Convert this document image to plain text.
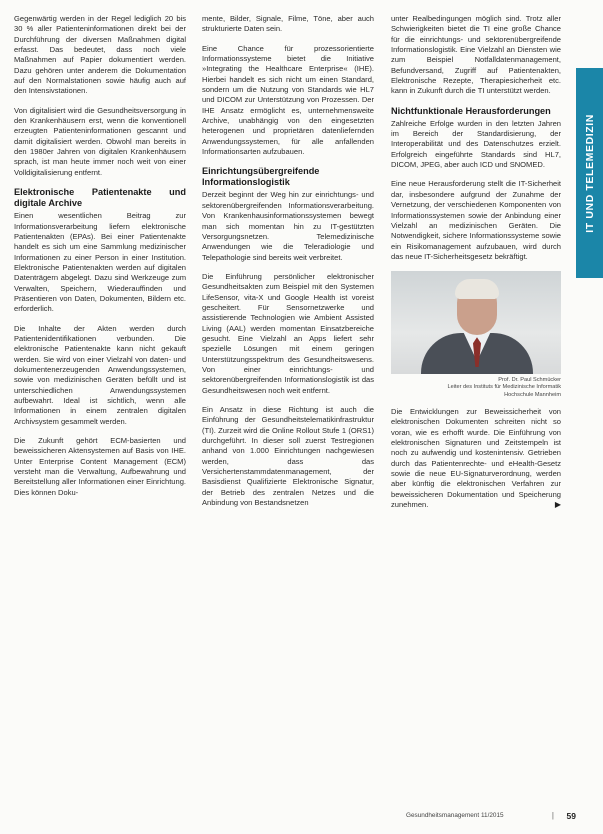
Gegenwärtig werden in der Regel lediglich 20 bis 30 % aller Patienteninformationen direkt bei der Durchführung der diversen Maßnahmen digital erfasst. Das bedeutet, dass noch viele Maßnahmen auf Papier dokumentiert werden. Dazu gehören unter anderem die Dokumentation auf den Normalstationen sowie häufig auch auf den Intensivstationen.

Von digitalisiert wird die Gesundheitsversorgung in den Krankenhäusern erst, wenn die konventionell erzeugten Patienteninformationen gescannt und damit digitalisiert werden. Obwohl man bereits in den 1980er Jahren von digitalen Krankenhäusern sprach, ist man heute immer noch weit von einer Volldigitalisierung entfernt.

Elektronische Patientenakte und digitale Archive

Einen wesentlichen Beitrag zur Informationsverarbeitung liefern elektronische Patientenakten (EPAs). Bei einer Patientenakte handelt es sich um eine Sammlung medizinischer Informationen zu einer Person in einer Institution. Elektronische Patientenakten werden auf digitalen Datenträgern abgelegt. Dazu sind Werkzeuge zum Verwalten, Speichern, Wiederauffinden und Präsentieren von Daten, Dokumenten, Bildern etc. erforderlich.

Die Inhalte der Akten werden durch Patientenidentifikationen verbunden. Die elektronische Patientenakte kann nicht gekauft werden. Sie wird von einer Vielzahl von daten- und dokumentenerzeugenden Anwendungssystemen, sowie von medizinischen Geräten befüllt und ist unterschiedlichen Anwendungssystemen aufbewahrt. Ideal ist sichtlich, wenn alle Informationen in einem zentralen digitalen Archivsystem gesammelt werden.

Die Zukunft gehört ECM-basierten und beweissicheren Aktensystemen auf Basis von IHE. Unter Enterprise Content Management (ECM) versteht man die Verwaltung, Aufbewahrung und Bereitstellung aller Informationen einer Einrichtung. Dies können Doku-

mente, Bilder, Signale, Filme, Töne, aber auch strukturierte Daten sein.

Eine Chance für prozessorientierte Informationssysteme bietet die Initiative »Integrating the Healthcare Enterprise« (IHE). Hierbei handelt es sich nicht um einen Standard, sondern um die Nutzung von Standards wie HL7 und DICOM zur Unterstützung von Prozessen. Der IHE Ansatz ermöglicht es, unternehmensweite Archive, unabhängig von den eingesetzten heterogenen und proprietären datenliefernden Anwendungssystemen, für alle anfallenden Informationsarten aufzubauen.

Einrichtungsübergreifende Informationslogistik

Derzeit beginnt der Weg hin zur einrichtungs- und sektorenübergreifenden Informationsverarbeitung. Von Krankenhausinformationssystemen bewegt man sich momentan hin zu IT-gestützten Versorgungsnetzen. Telemedizinische Anwendungen wie die Teleradiologie und Telepathologie sind bereits weit verbreitet.

Die Einführung persönlicher elektronischer Gesundheitsakten zum Beispiel mit den Systemen LifeSensor, vita-X und Google Health ist voreist gescheitert. Für Sensornetzwerke und assistierende Technologien wie Ambient Assisted Living (AAL) werden momentan Einsatzbereiche gesucht. Eine Vielzahl an Apps liefert sehr spezielle Lösungen mit einem geringen Unterstützungsspektrum des Gesundheitswesens. Von einer einrichtungs- und sektorenübergreifenden Informationslogistik ist das Gesundheitswesen noch weit entfernt.

Ein Ansatz in diese Richtung ist auch die Einführung der Gesundheitstelematikinfrastruktur (TI). Zurzeit wird die Online Rollout Stufe 1 (ORS1) durchgeführt. In dieser soll zuerst Testregionen anhand von 1.000 Einrichtungen nachgewiesen werden, dass das Versichertenstammdatenmanagement, der Basisdienst Qualifizierte Elektronische Signatur, der Betrieb des zentralen Netzes und die Anbindung von Bestandsnetzen

unter Realbedingungen möglich sind. Trotz aller Schwierigkeiten bietet die TI eine große Chance für die einrichtungs- und sektorenübergreifende Informationslogistik. Eine Vielzahl an Diensten wie zum Beispiel Notfalldatenmanagement, Befundversand, Zugriff auf Patientenakten, Elektronische Rezepte, Therapiesicherheit etc. kann in Zukunft durch die TI unterstützt werden.

Nichtfunktionale Herausforderungen

Zahlreiche Erfolge wurden in den letzten Jahren im Bereich der Standardisierung, der Interoperabilität und des Datenschutzes erzielt. Erfolgreich eingeführte Standards sind HL7, DICOM, JPEG, aber auch ICD und SNOMED.

Eine neue Herausforderung stellt die IT-Sicherheit dar, insbesondere aufgrund der Zunahme der Vernetzung, der verschiedenen Komponenten von Informationssystemen sowie der Anbindung einer Vielzahl an medizinischen Geräten. Die Notwendigkeit, sichere Informationssysteme sowie ein Risikomanagement aufzubauen, wird durch das neue IT-Sicherheitsgesetz bekräftigt.

Prof. Dr. Paul Schmücker
Leiter des Instituts für Medizinische Informatik
Hochschule Mannheim

Die Entwicklungen zur Beweissicherheit von elektronischen Dokumenten schreiten nicht so voran, wie es erhofft wurde. Die Einführung von elektronischen Signaturen und Zeitstempeln ist noch zu aufwendig und kostenintensiv. Getrieben durch das Patientenrechte- und eHealth-Gesetz sowie die neue EU-Signaturverordnung, werden aber künftig die elektronischen Verfahren zur beweissicheren Dokumentation und Speicherung zunehmen.	▶

IT UND TELEMEDIZIN
Gesundheitsmanagement 11/2015	| 59
